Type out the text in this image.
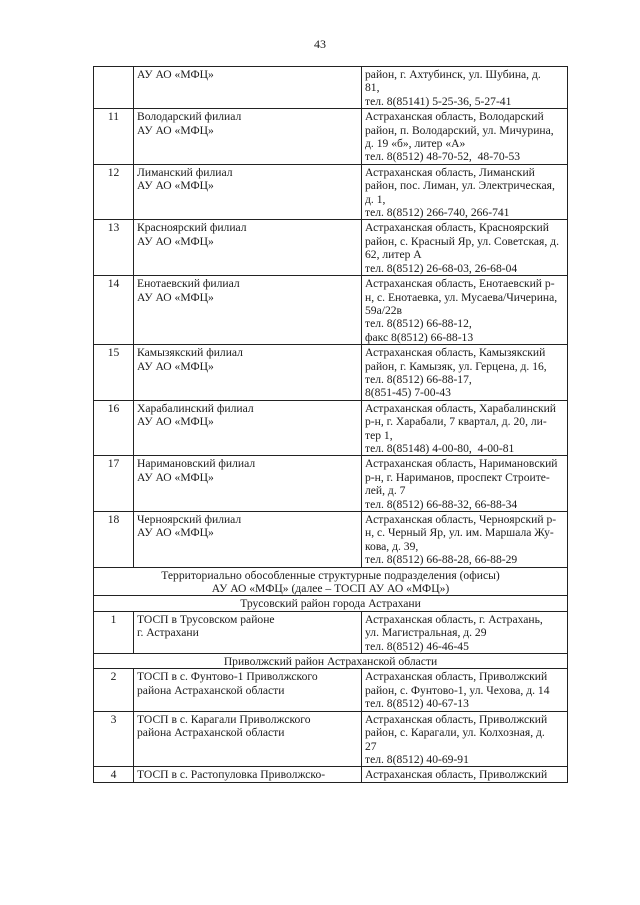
43

	АУ АО «МФЦ»	район, г. Ахтубинск, ул. Шубина, д.
81,
тел. 8(85141) 5-25-36, 5-27-41

11	Володарский филиал
АУ АО «МФЦ»	Астраханская область, Володарский
район, п. Володарский, ул. Мичурина,
д. 19 «б», литер «А»
тел. 8(8512) 48-70-52,  48-70-53

12	Лиманский филиал
АУ АО «МФЦ»	Астраханская область, Лиманский
район, пос. Лиман, ул. Электрическая,
д. 1,
тел. 8(8512) 266-740, 266-741

13	Красноярский филиал
АУ АО «МФЦ»	Астраханская область, Красноярский
район, с. Красный Яр, ул. Советская, д.
62, литер А
тел. 8(8512) 26-68-03, 26-68-04

14	Енотаевский филиал
АУ АО «МФЦ»	Астраханская область, Енотаевский р-
н, с. Енотаевка, ул. Мусаева/Чичерина,
59а/22в
тел. 8(8512) 66-88-12,
факс 8(8512) 66-88-13

15	Камызякский филиал
АУ АО «МФЦ»	Астраханская область, Камызякский
район, г. Камызяк, ул. Герцена, д. 16,
тел. 8(8512) 66-88-17,
8(851-45) 7-00-43

16	Харабалинский филиал
АУ АО «МФЦ»	Астраханская область, Харабалинский
р-н, г. Харабали, 7 квартал, д. 20, ли-
тер 1,
тел. 8(85148) 4-00-80,  4-00-81

17	Наримановский филиал
АУ АО «МФЦ»	Астраханская область, Наримановский
р-н, г. Нариманов, проспект Строите-
лей, д. 7
тел. 8(8512) 66-88-32, 66-88-34

18	Черноярский филиал
АУ АО «МФЦ»	Астраханская область, Черноярский р-
н, с. Черный Яр, ул. им. Маршала Жу-
кова, д. 39,
тел. 8(8512) 66-88-28, 66-88-29

Территориально обособленные структурные подразделения (офисы)
АУ АО «МФЦ» (далее – ТОСП АУ АО «МФЦ»)		

Трусовский район города Астрахани		

1	ТОСП в Трусовском районе
г. Астрахани	Астраханская область, г. Астрахань,
ул. Магистральная, д. 29
тел. 8(8512) 46-46-45

Приволжский район Астраханской области		

2	ТОСП в с. Фунтово-1 Приволжского
района Астраханской области	Астраханская область, Приволжский
район, с. Фунтово-1, ул. Чехова, д. 14
тел. 8(8512) 40-67-13

3	ТОСП в с. Карагали Приволжского
района Астраханской области	Астраханская область, Приволжский
район, с. Карагали, ул. Колхозная, д.
27
тел. 8(8512) 40-69-91

4	ТОСП в с. Растопуловка Приволжско-	Астраханская область, Приволжский
